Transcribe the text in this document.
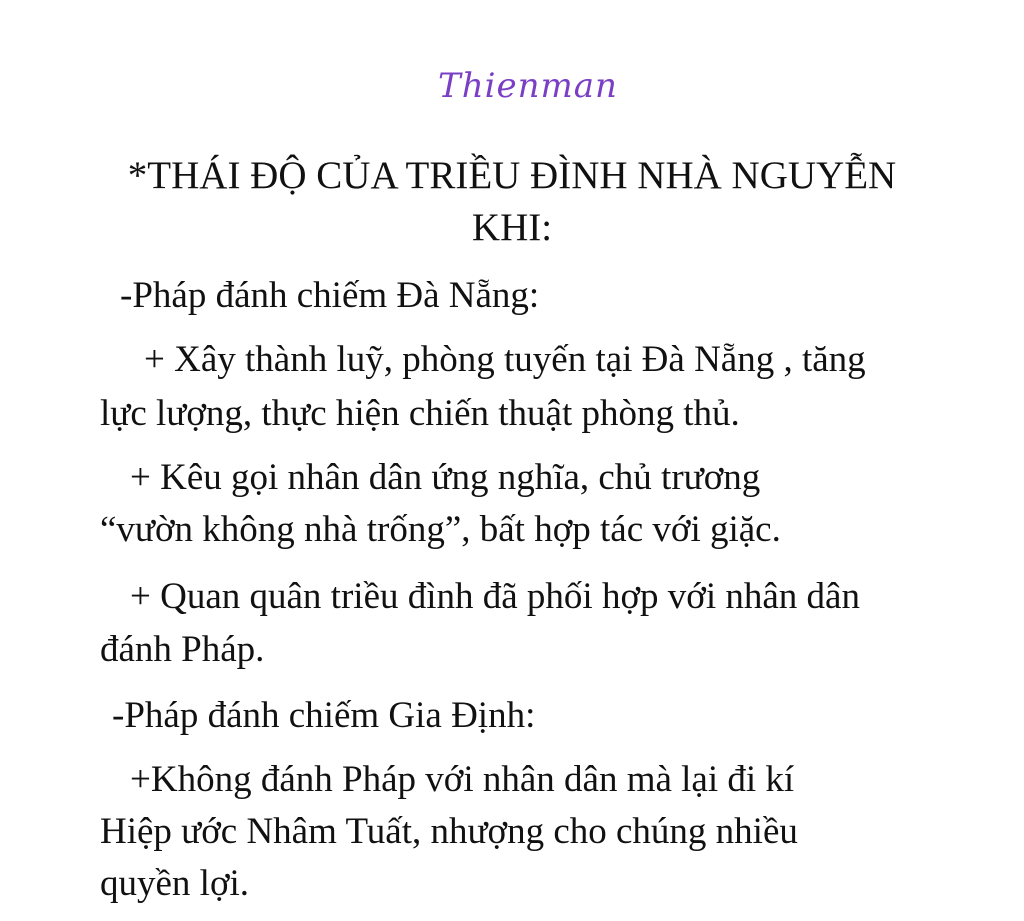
Thienman
*THÁI ĐỘ CỦA TRIỀU ĐÌNH NHÀ NGUYỄN
KHI:
-Pháp đánh chiếm Đà Nẵng:
+ Xây thành luỹ, phòng tuyến tại Đà Nẵng , tăng
lực lượng, thực hiện chiến thuật phòng thủ.
+ Kêu gọi nhân dân ứng nghĩa, chủ trương
“vườn không nhà trống”, bất hợp tác với giặc.
+ Quan quân triều đình đã phối hợp với nhân dân
đánh Pháp.
-Pháp đánh chiếm Gia Định:
+Không đánh Pháp với nhân dân mà lại đi kí
Hiệp ước Nhâm Tuất, nhượng cho chúng nhiều
quyền lợi.
